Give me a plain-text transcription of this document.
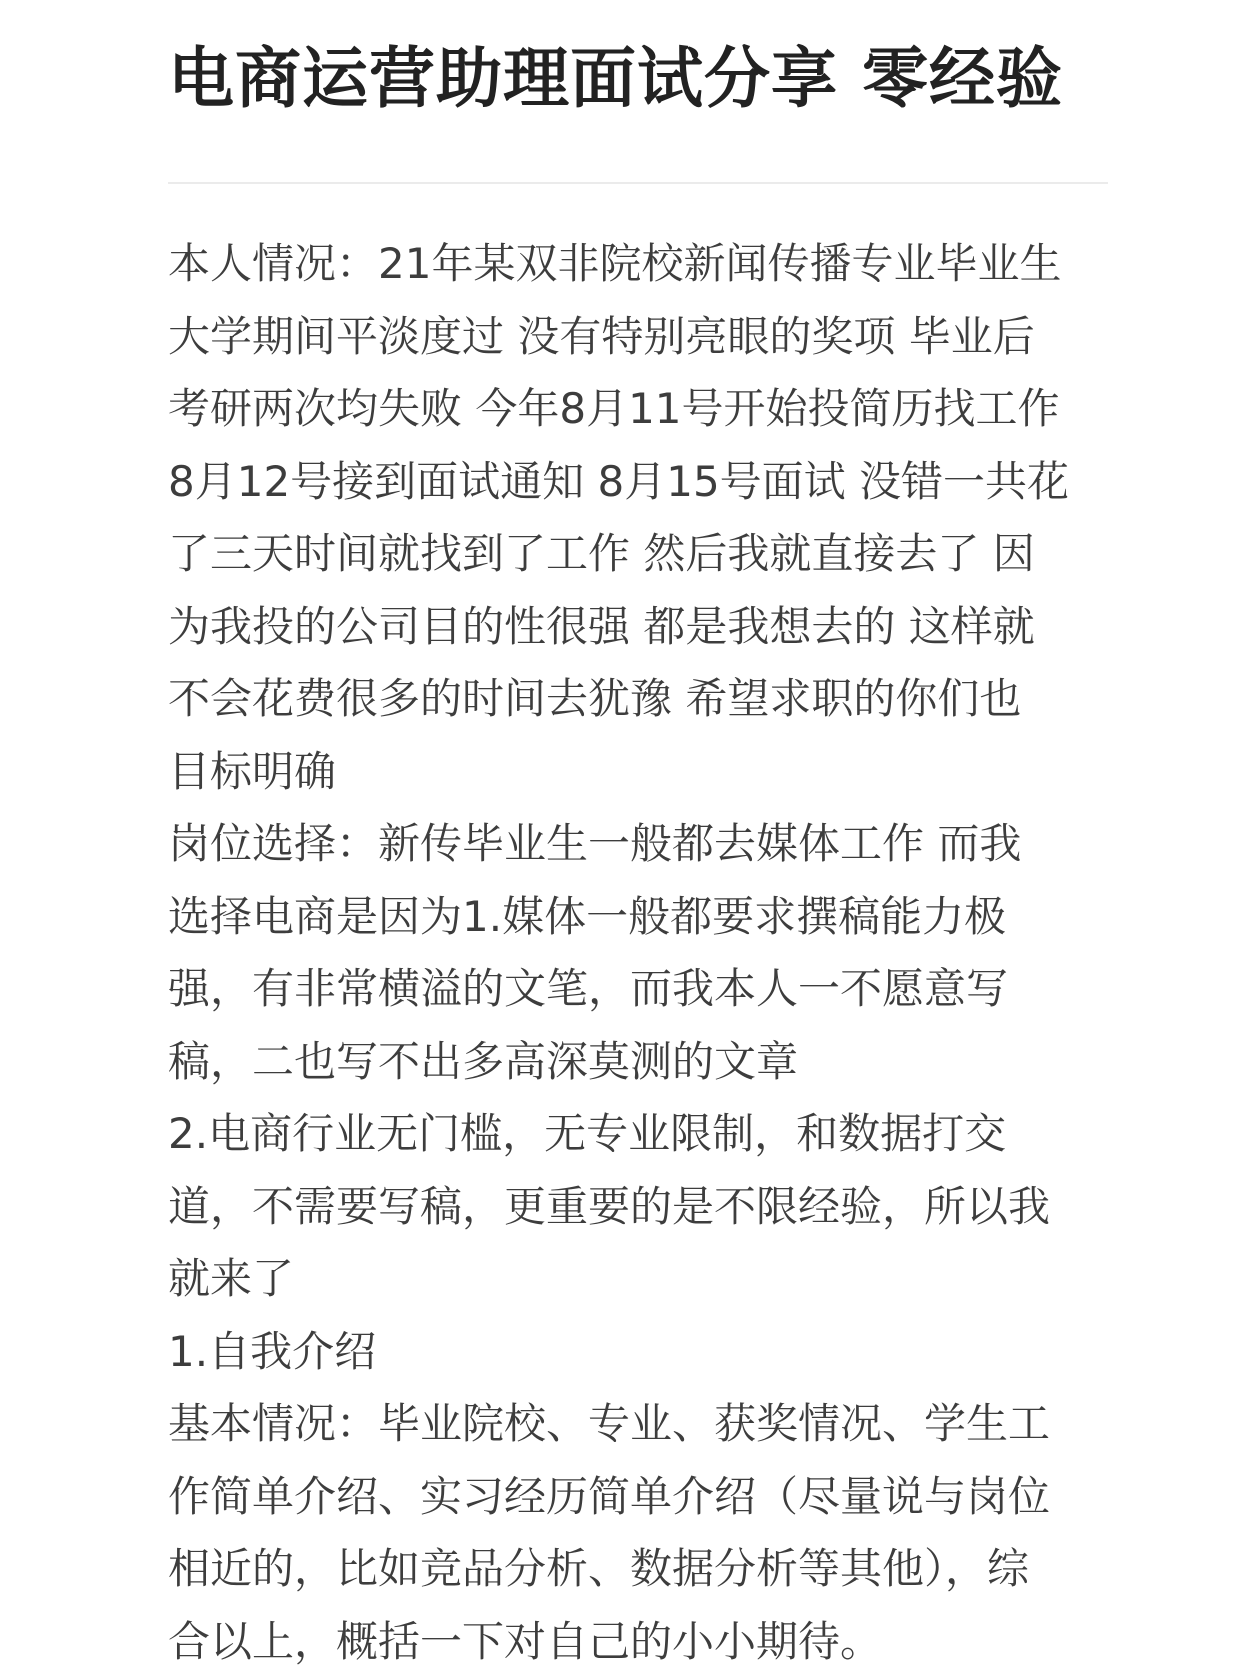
电商运营助理面试分享 零经验
本人情况：21年某双非院校新闻传播专业毕业生
大学期间平淡度过 没有特别亮眼的奖项 毕业后
考研两次均失败 今年8月11号开始投简历找工作
8月12号接到面试通知 8月15号面试 没错一共花
了三天时间就找到了工作 然后我就直接去了 因
为我投的公司目的性很强 都是我想去的 这样就
不会花费很多的时间去犹豫 希望求职的你们也
目标明确
岗位选择：新传毕业生一般都去媒体工作 而我
选择电商是因为1.媒体一般都要求撰稿能力极
强，有非常横溢的文笔，而我本人一不愿意写
稿，二也写不出多高深莫测的文章
2.电商行业无门槛，无专业限制，和数据打交
道，不需要写稿，更重要的是不限经验，所以我
就来了
1.自我介绍
基本情况：毕业院校、专业、获奖情况、学生工
作简单介绍、实习经历简单介绍（尽量说与岗位
相近的，比如竞品分析、数据分析等其他），综
合以上，概括一下对自己的小小期待。
